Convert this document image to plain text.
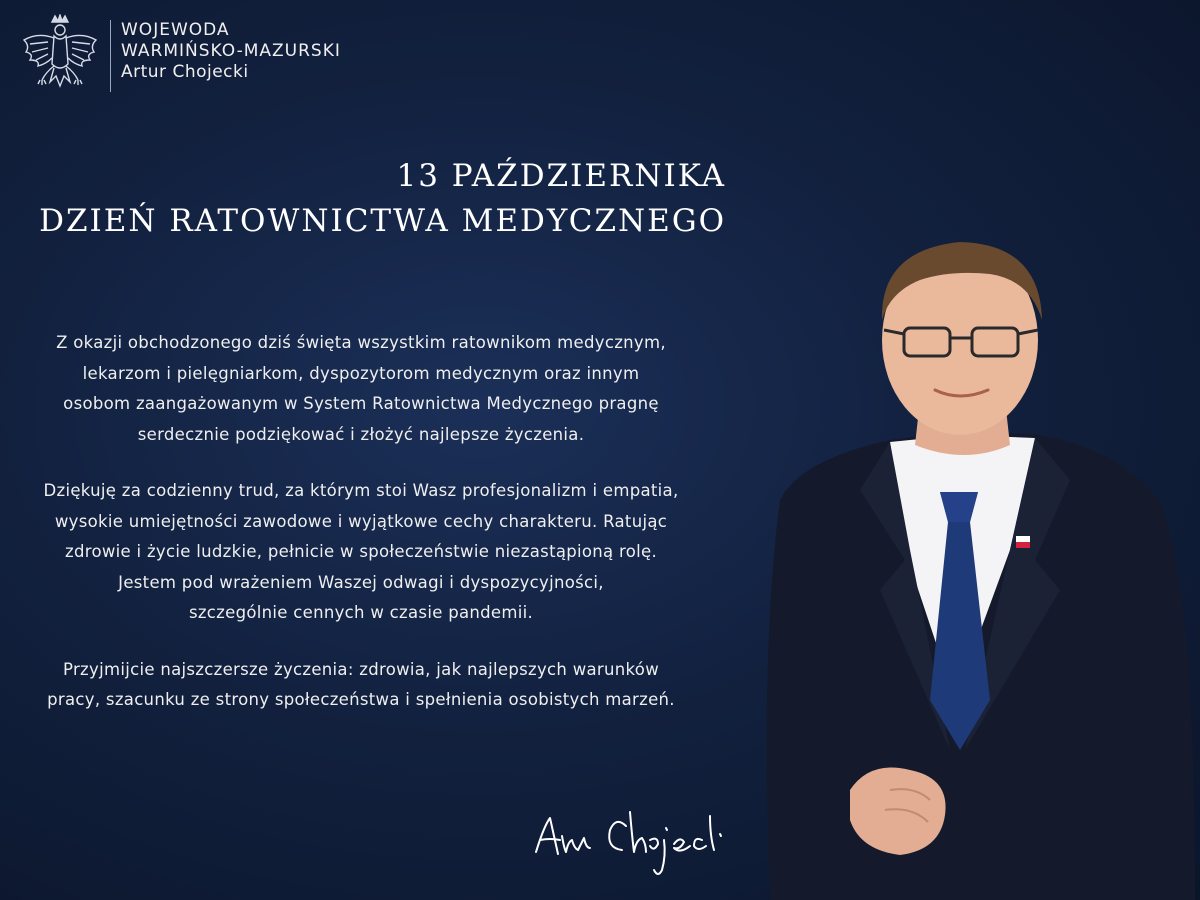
WOJEWODA
WARMIŃSKO-MAZURSKI
Artur Chojecki
13 PAŹDZIERNIKA
DZIEŃ RATOWNICTWA MEDYCZNEGO
Z okazji obchodzonego dziś święta wszystkim ratownikom medycznym,
lekarzom i pielęgniarkom, dyspozytorom medycznym oraz innym
osobom zaangażowanym w System Ratownictwa Medycznego pragnę
serdecznie podziękować i złożyć najlepsze życzenia.
Dziękuję za codzienny trud, za którym stoi Wasz profesjonalizm i empatia,
wysokie umiejętności zawodowe i wyjątkowe cechy charakteru. Ratując
zdrowie i życie ludzkie, pełnicie w społeczeństwie niezastąpioną rolę.
Jestem pod wrażeniem Waszej odwagi i dyspozycyjności,
szczególnie cennych w czasie pandemii.
Przyjmijcie najszczersze życzenia: zdrowia, jak najlepszych warunków
pracy, szacunku ze strony społeczeństwa i spełnienia osobistych marzeń.
